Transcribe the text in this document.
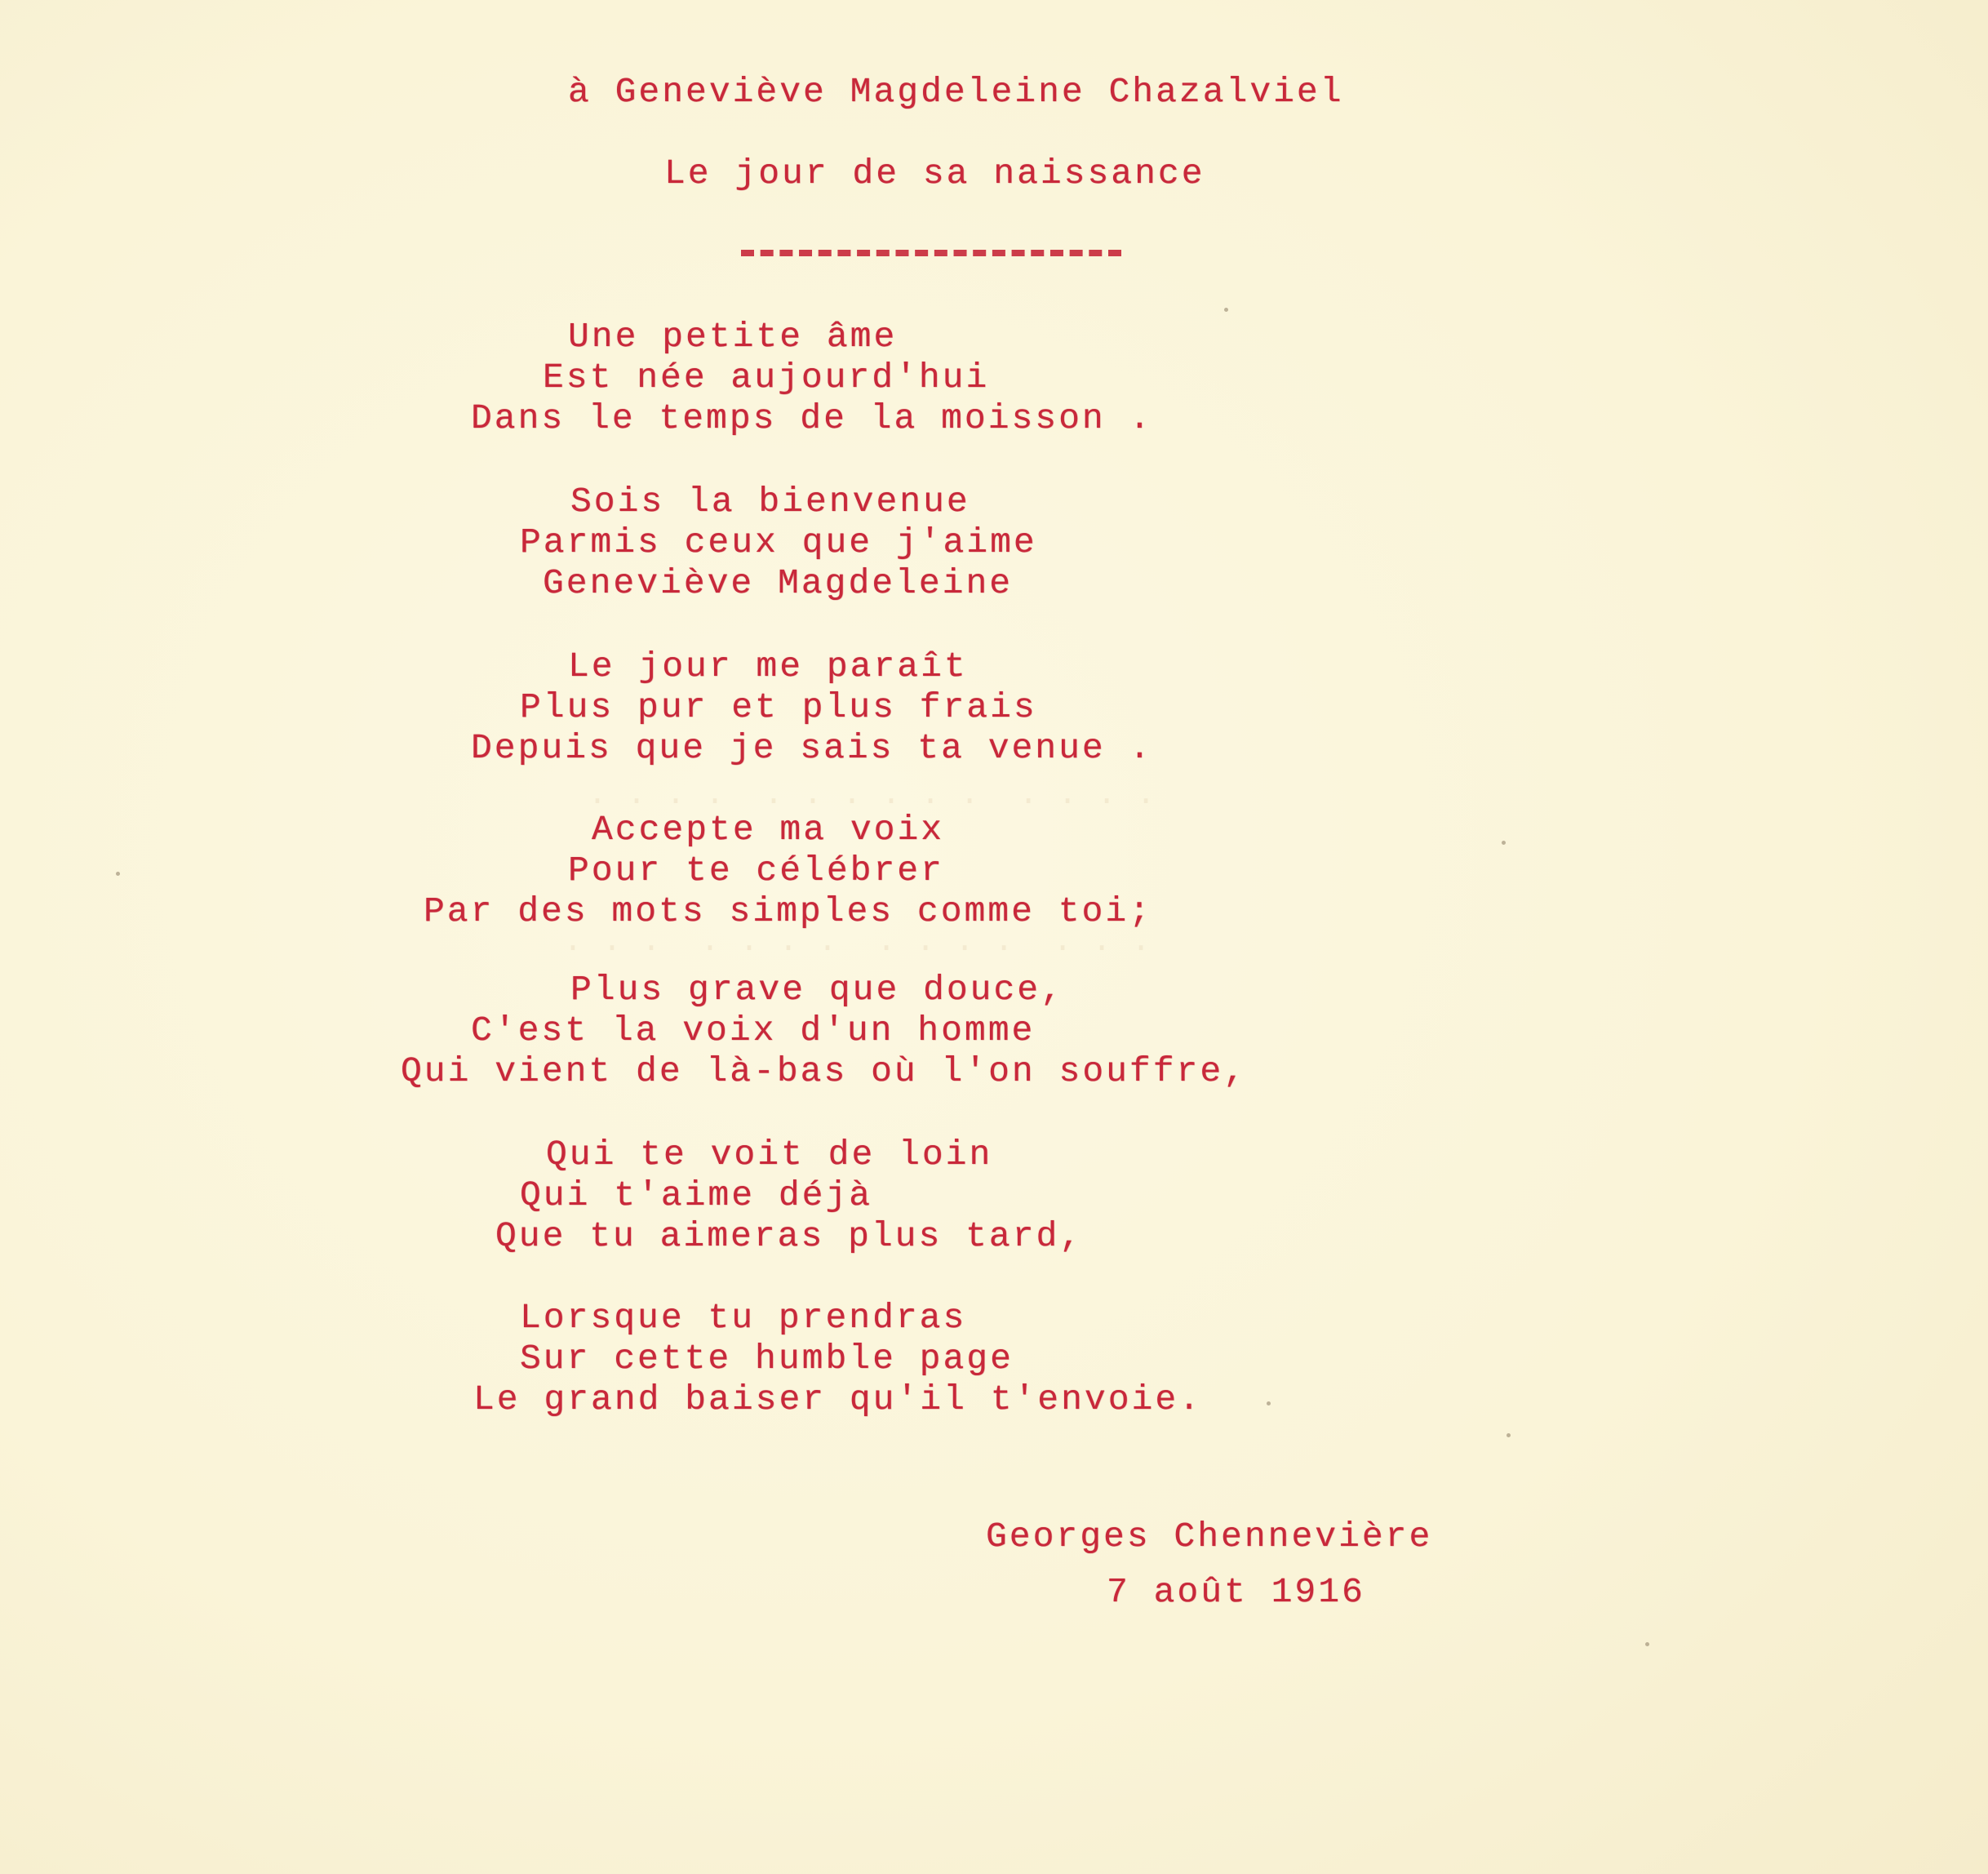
· · · ·  · · · · · ·  · · · ·
· · ·  · · · ·  · · · ·  · · ·

à Geneviève Magdeleine Chazalviel

Le jour de sa naissance

Une petite âme

Est née aujourd'hui

Dans le temps de la moisson .

Sois la bienvenue

Parmis ceux que j'aime

Geneviève Magdeleine

Le jour me paraît

Plus pur et plus frais

Depuis que je sais ta venue .

Accepte ma voix

Pour te célébrer

Par des mots simples comme toi;

Plus grave que douce,

C'est la voix d'un homme

Qui vient de là-bas où l'on souffre,

Qui te voit de loin

Qui t'aime déjà

Que tu aimeras plus tard,

Lorsque tu prendras

Sur cette humble page

Le grand baiser qu'il t'envoie.

Georges Chennevière

7 août 1916
